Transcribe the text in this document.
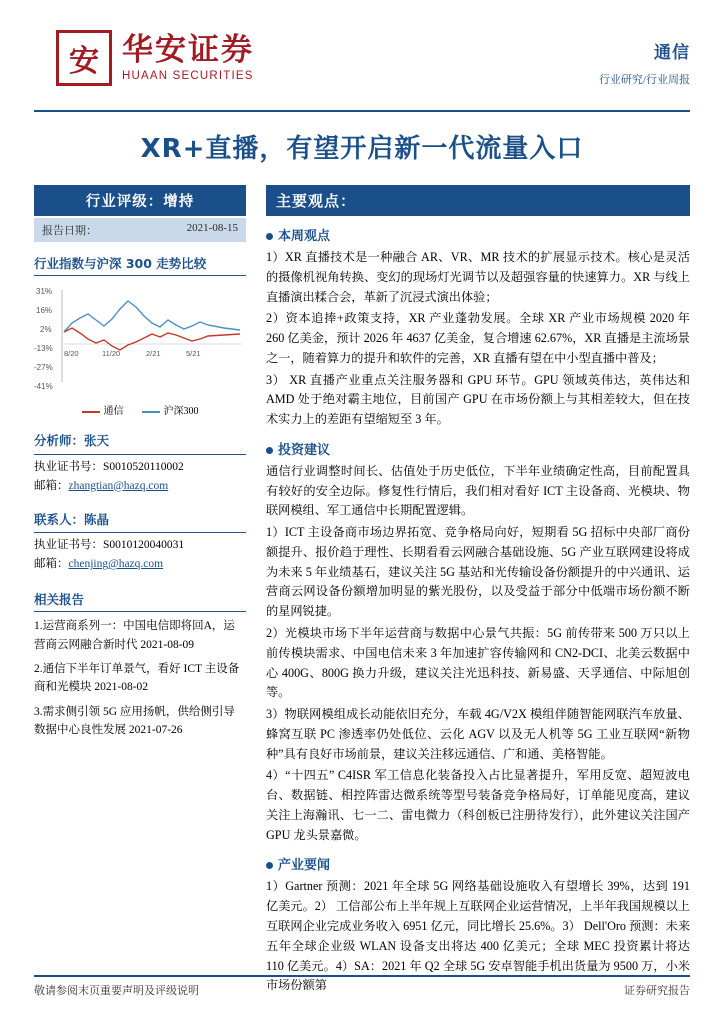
安 华安证券
HUAAN SECURITIES
通信
行业研究/行业周报
XR+直播，有望开启新一代流量入口
行业评级：增持
报告日期：	2021-08-15
行业指数与沪深 300 走势比较
31%
16%
2%
-13%
-27%
-41%
8/20	11/20	2/21	5/21
通信	沪深300
分析师：张天

执业证书号：S0010520110002

邮箱：zhangtian@hazq.com

联系人：陈晶

执业证书号：S0010120040031

邮箱：chenjing@hazq.com

相关报告
1.运营商系列一：中国电信即将回A，运营商云网融合新时代 2021-08-09
2.通信下半年订单景气，看好 ICT 主设备商和光模块 2021-08-02
3.需求侧引领 5G 应用扬帆，供给侧引导数据中心良性发展 2021-07-26
主要观点：
本周观点

1）XR 直播技术是一种融合 AR、VR、MR 技术的扩展显示技术。核心是灵活的摄像机视角转换、变幻的现场灯光调节以及超强容量的快速算力。XR 与线上直播演出糅合会，革新了沉浸式演出体验；

2）资本追捧+政策支持，XR 产业蓬勃发展。全球 XR 产业市场规模 2020 年 260 亿美金，预计 2026 年 4637 亿美金，复合增速 62.67%，XR 直播是主流场景之一，随着算力的提升和软件的完善，XR 直播有望在中小型直播中普及；

3） XR 直播产业重点关注服务器和 GPU 环节。GPU 领域英伟达，英伟达和 AMD 处于绝对霸主地位，目前国产 GPU 在市场份额上与其相差较大，但在技术实力上的差距有望缩短至 3 年。

投资建议

通信行业调整时间长、估值处于历史低位，下半年业绩确定性高，目前配置具有较好的安全边际。修复性行情后，我们相对看好 ICT 主设备商、光模块、物联网模组、军工通信中长期配置逻辑。

1）ICT 主设备商市场边界拓宽、竞争格局向好，短期看 5G 招标中央部厂商份额提升、报价趋于理性、长期看看云网融合基础设施、5G 产业互联网建设将成为未来 5 年业绩基石，建议关注 5G 基站和光传输设备份额提升的中兴通讯、运营商云网设备份额增加明显的紫光股份，以及受益于部分中低端市场份额不断的星网锐捷。

2）光模块市场下半年运营商与数据中心景气共振：5G 前传带来 500 万只以上前传模块需求、中国电信未来 3 年加速扩容传输网和 CN2-DCI、北美云数据中心 400G、800G 换力升级，建议关注光迅科技、新易盛、天孚通信、中际旭创等。

3）物联网模组成长动能依旧充分，车载 4G/V2X 模组伴随智能网联汽车放量、蜂窝互联 PC 渗透率仍处低位、云化 AGV 以及无人机等 5G 工业互联网“新物种”具有良好市场前景，建议关注移远通信、广和通、美格智能。

4）“十四五” C4ISR 军工信息化装备投入占比显著提升，军用反宽、超短波电台、数据链、相控阵雷达微系统等型号装备竞争格局好，订单能见度高，建议关注上海瀚讯、七一二、雷电微力（科创板已注册待发行），此外建议关注国产 GPU 龙头景嘉微。

产业要闻

1）Gartner 预测：2021 年全球 5G 网络基础设施收入有望增长 39%，达到 191 亿美元。2） 工信部公布上半年规上互联网企业运营情况，上半年我国规模以上互联网企业完成业务收入 6951 亿元，同比增长 25.6%。3） Dell'Oro 预测：未来五年全球企业级 WLAN 设备支出将达 400 亿美元；全球 MEC 投资累计将达 110 亿美元。4）SA：2021 年 Q2 全球 5G 安卓智能手机出货量为 9500 万，小米市场份额第

敬请参阅末页重要声明及评级说明	证券研究报告
